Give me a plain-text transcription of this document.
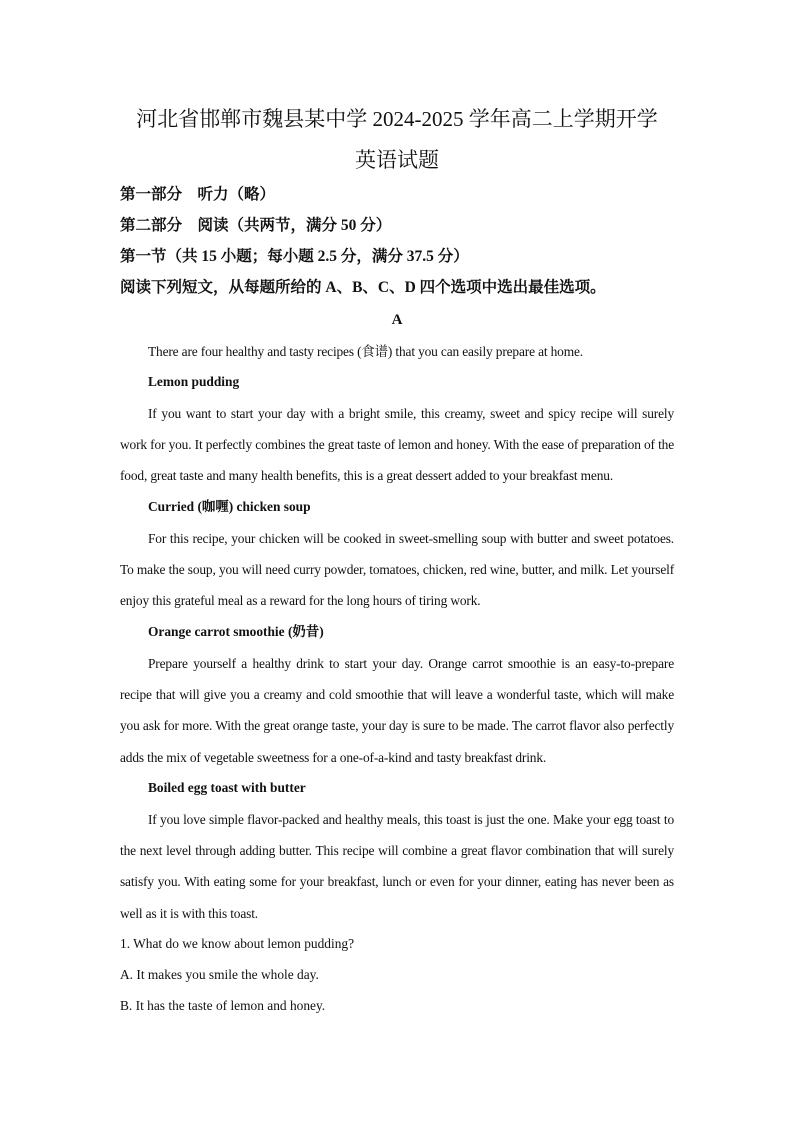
河北省邯郸市魏县某中学 2024-2025 学年高二上学期开学
英语试题
第一部分　听力（略）
第二部分　阅读（共两节，满分 50 分）
第一节（共 15 小题；每小题 2.5 分，满分 37.5 分）
阅读下列短文，从每题所给的 A、B、C、D 四个选项中选出最佳选项。
A
There are four healthy and tasty recipes (食谱) that you can easily prepare at home.
Lemon pudding
If you want to start your day with a bright smile, this creamy, sweet and spicy recipe will surely work for you. It perfectly combines the great taste of lemon and honey. With the ease of preparation of the food, great taste and many health benefits, this is a great dessert added to your breakfast menu.
Curried (咖喱) chicken soup
For this recipe, your chicken will be cooked in sweet-smelling soup with butter and sweet potatoes. To make the soup, you will need curry powder, tomatoes, chicken, red wine, butter, and milk. Let yourself enjoy this grateful meal as a reward for the long hours of tiring work.
Orange carrot smoothie (奶昔)
Prepare yourself a healthy drink to start your day. Orange carrot smoothie is an easy-to-prepare recipe that will give you a creamy and cold smoothie that will leave a wonderful taste, which will make you ask for more. With the great orange taste, your day is sure to be made. The carrot flavor also perfectly adds the mix of vegetable sweetness for a one-of-a-kind and tasty breakfast drink.
Boiled egg toast with butter
If you love simple flavor-packed and healthy meals, this toast is just the one. Make your egg toast to the next level through adding butter. This recipe will combine a great flavor combination that will surely satisfy you. With eating some for your breakfast, lunch or even for your dinner, eating has never been as well as it is with this toast.
1. What do we know about lemon pudding?
A. It makes you smile the whole day.
B. It has the taste of lemon and honey.
